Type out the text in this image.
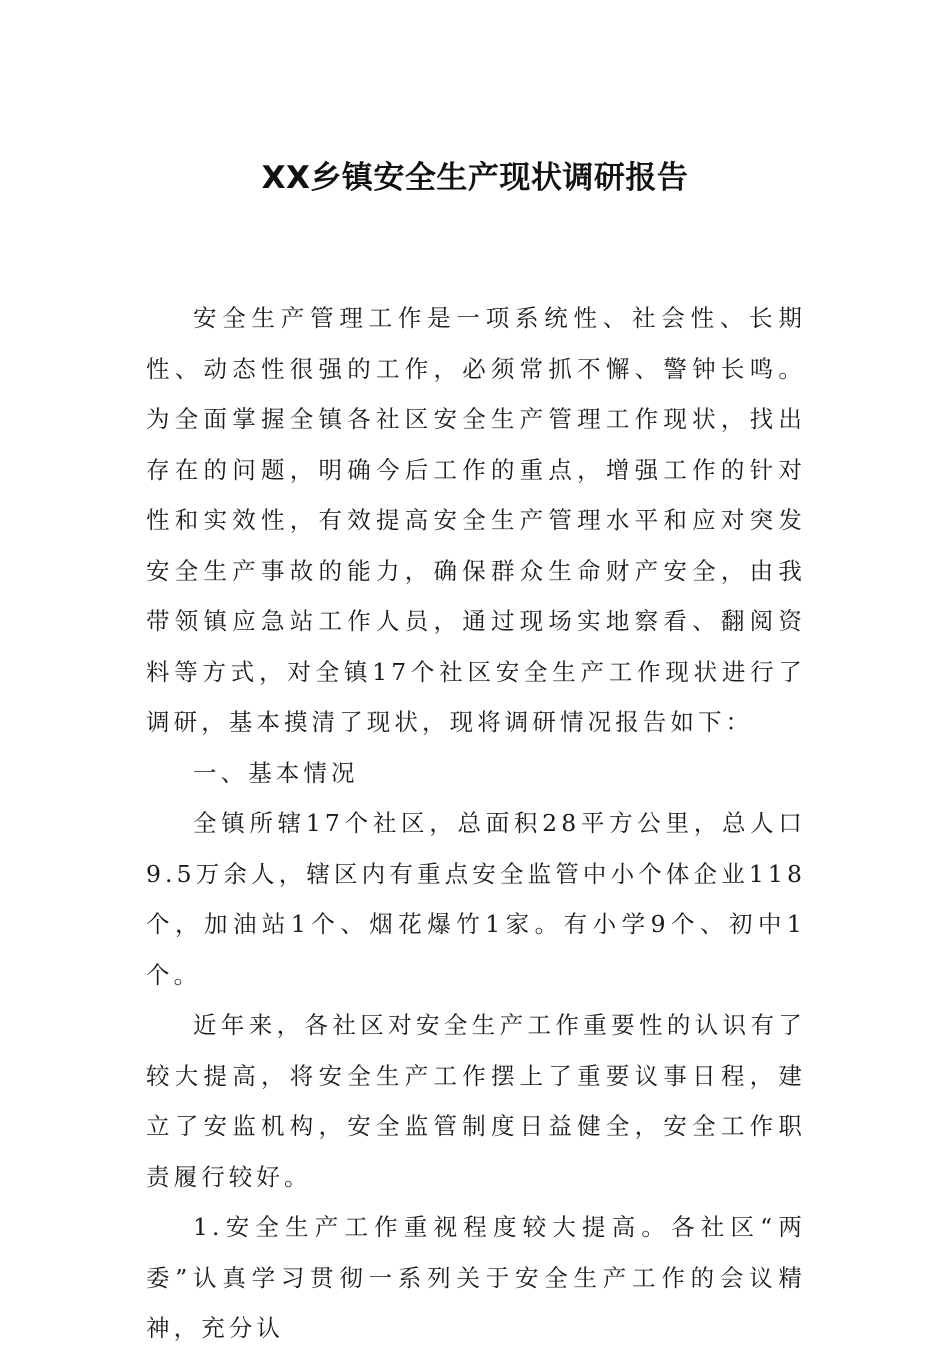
XX乡镇安全生产现状调研报告

安全生产管理工作是一项系统性、社会性、长期性、动态性很强的工作，必须常抓不懈、警钟长鸣。为全面掌握全镇各社区安全生产管理工作现状，找出存在的问题，明确今后工作的重点，增强工作的针对性和实效性，有效提高安全生产管理水平和应对突发安全生产事故的能力，确保群众生命财产安全，由我带领镇应急站工作人员，通过现场实地察看、翻阅资料等方式，对全镇17个社区安全生产工作现状进行了调研，基本摸清了现状，现将调研情况报告如下：

一、基本情况

全镇所辖17个社区，总面积28平方公里，总人口9.5万余人，辖区内有重点安全监管中小个体企业118个，加油站1个、烟花爆竹1家。有小学9个、初中1个。

近年来，各社区对安全生产工作重要性的认识有了较大提高，将安全生产工作摆上了重要议事日程，建立了安监机构，安全监管制度日益健全，安全工作职责履行较好。

1.安全生产工作重视程度较大提高。各社区“两委”认真学习贯彻一系列关于安全生产工作的会议精神，充分认
